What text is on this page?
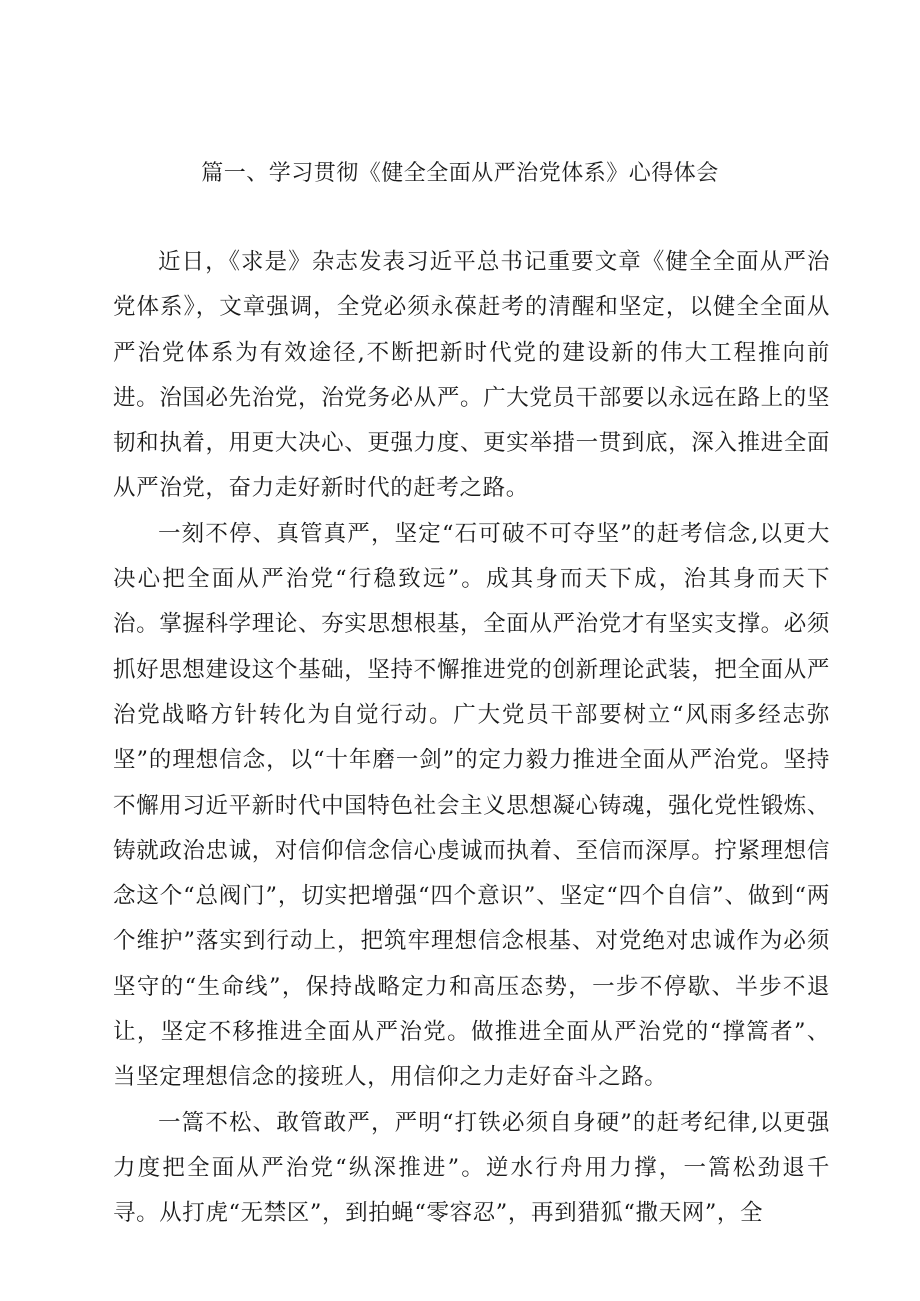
篇一、学习贯彻《健全全面从严治党体系》心得体会

近日，《求是》杂志发表习近平总书记重要文章《健全全面从严治党体系》，文章强调，全党必须永葆赶考的清醒和坚定，以健全全面从严治党体系为有效途径,不断把新时代党的建设新的伟大工程推向前进。治国必先治党，治党务必从严。广大党员干部要以永远在路上的坚韧和执着，用更大决心、更强力度、更实举措一贯到底，深入推进全面从严治党，奋力走好新时代的赶考之路。

一刻不停、真管真严，坚定“石可破不可夺坚”的赶考信念,以更大决心把全面从严治党“行稳致远”。成其身而天下成，治其身而天下治。掌握科学理论、夯实思想根基，全面从严治党才有坚实支撑。必须抓好思想建设这个基础，坚持不懈推进党的创新理论武装，把全面从严治党战略方针转化为自觉行动。广大党员干部要树立“风雨多经志弥坚”的理想信念，以“十年磨一剑”的定力毅力推进全面从严治党。坚持不懈用习近平新时代中国特色社会主义思想凝心铸魂，强化党性锻炼、铸就政治忠诚，对信仰信念信心虔诚而执着、至信而深厚。拧紧理想信念这个“总阀门”，切实把增强“四个意识”、坚定“四个自信”、做到“两个维护”落实到行动上，把筑牢理想信念根基、对党绝对忠诚作为必须坚守的“生命线”，保持战略定力和高压态势，一步不停歇、半步不退让，坚定不移推进全面从严治党。做推进全面从严治党的“撑篙者”、当坚定理想信念的接班人，用信仰之力走好奋斗之路。

一篙不松、敢管敢严，严明“打铁必须自身硬”的赶考纪律,以更强力度把全面从严治党“纵深推进”。逆水行舟用力撑，一篙松劲退千寻。从打虎“无禁区”，到拍蝇“零容忍”，再到猎狐“撒天网”，全
